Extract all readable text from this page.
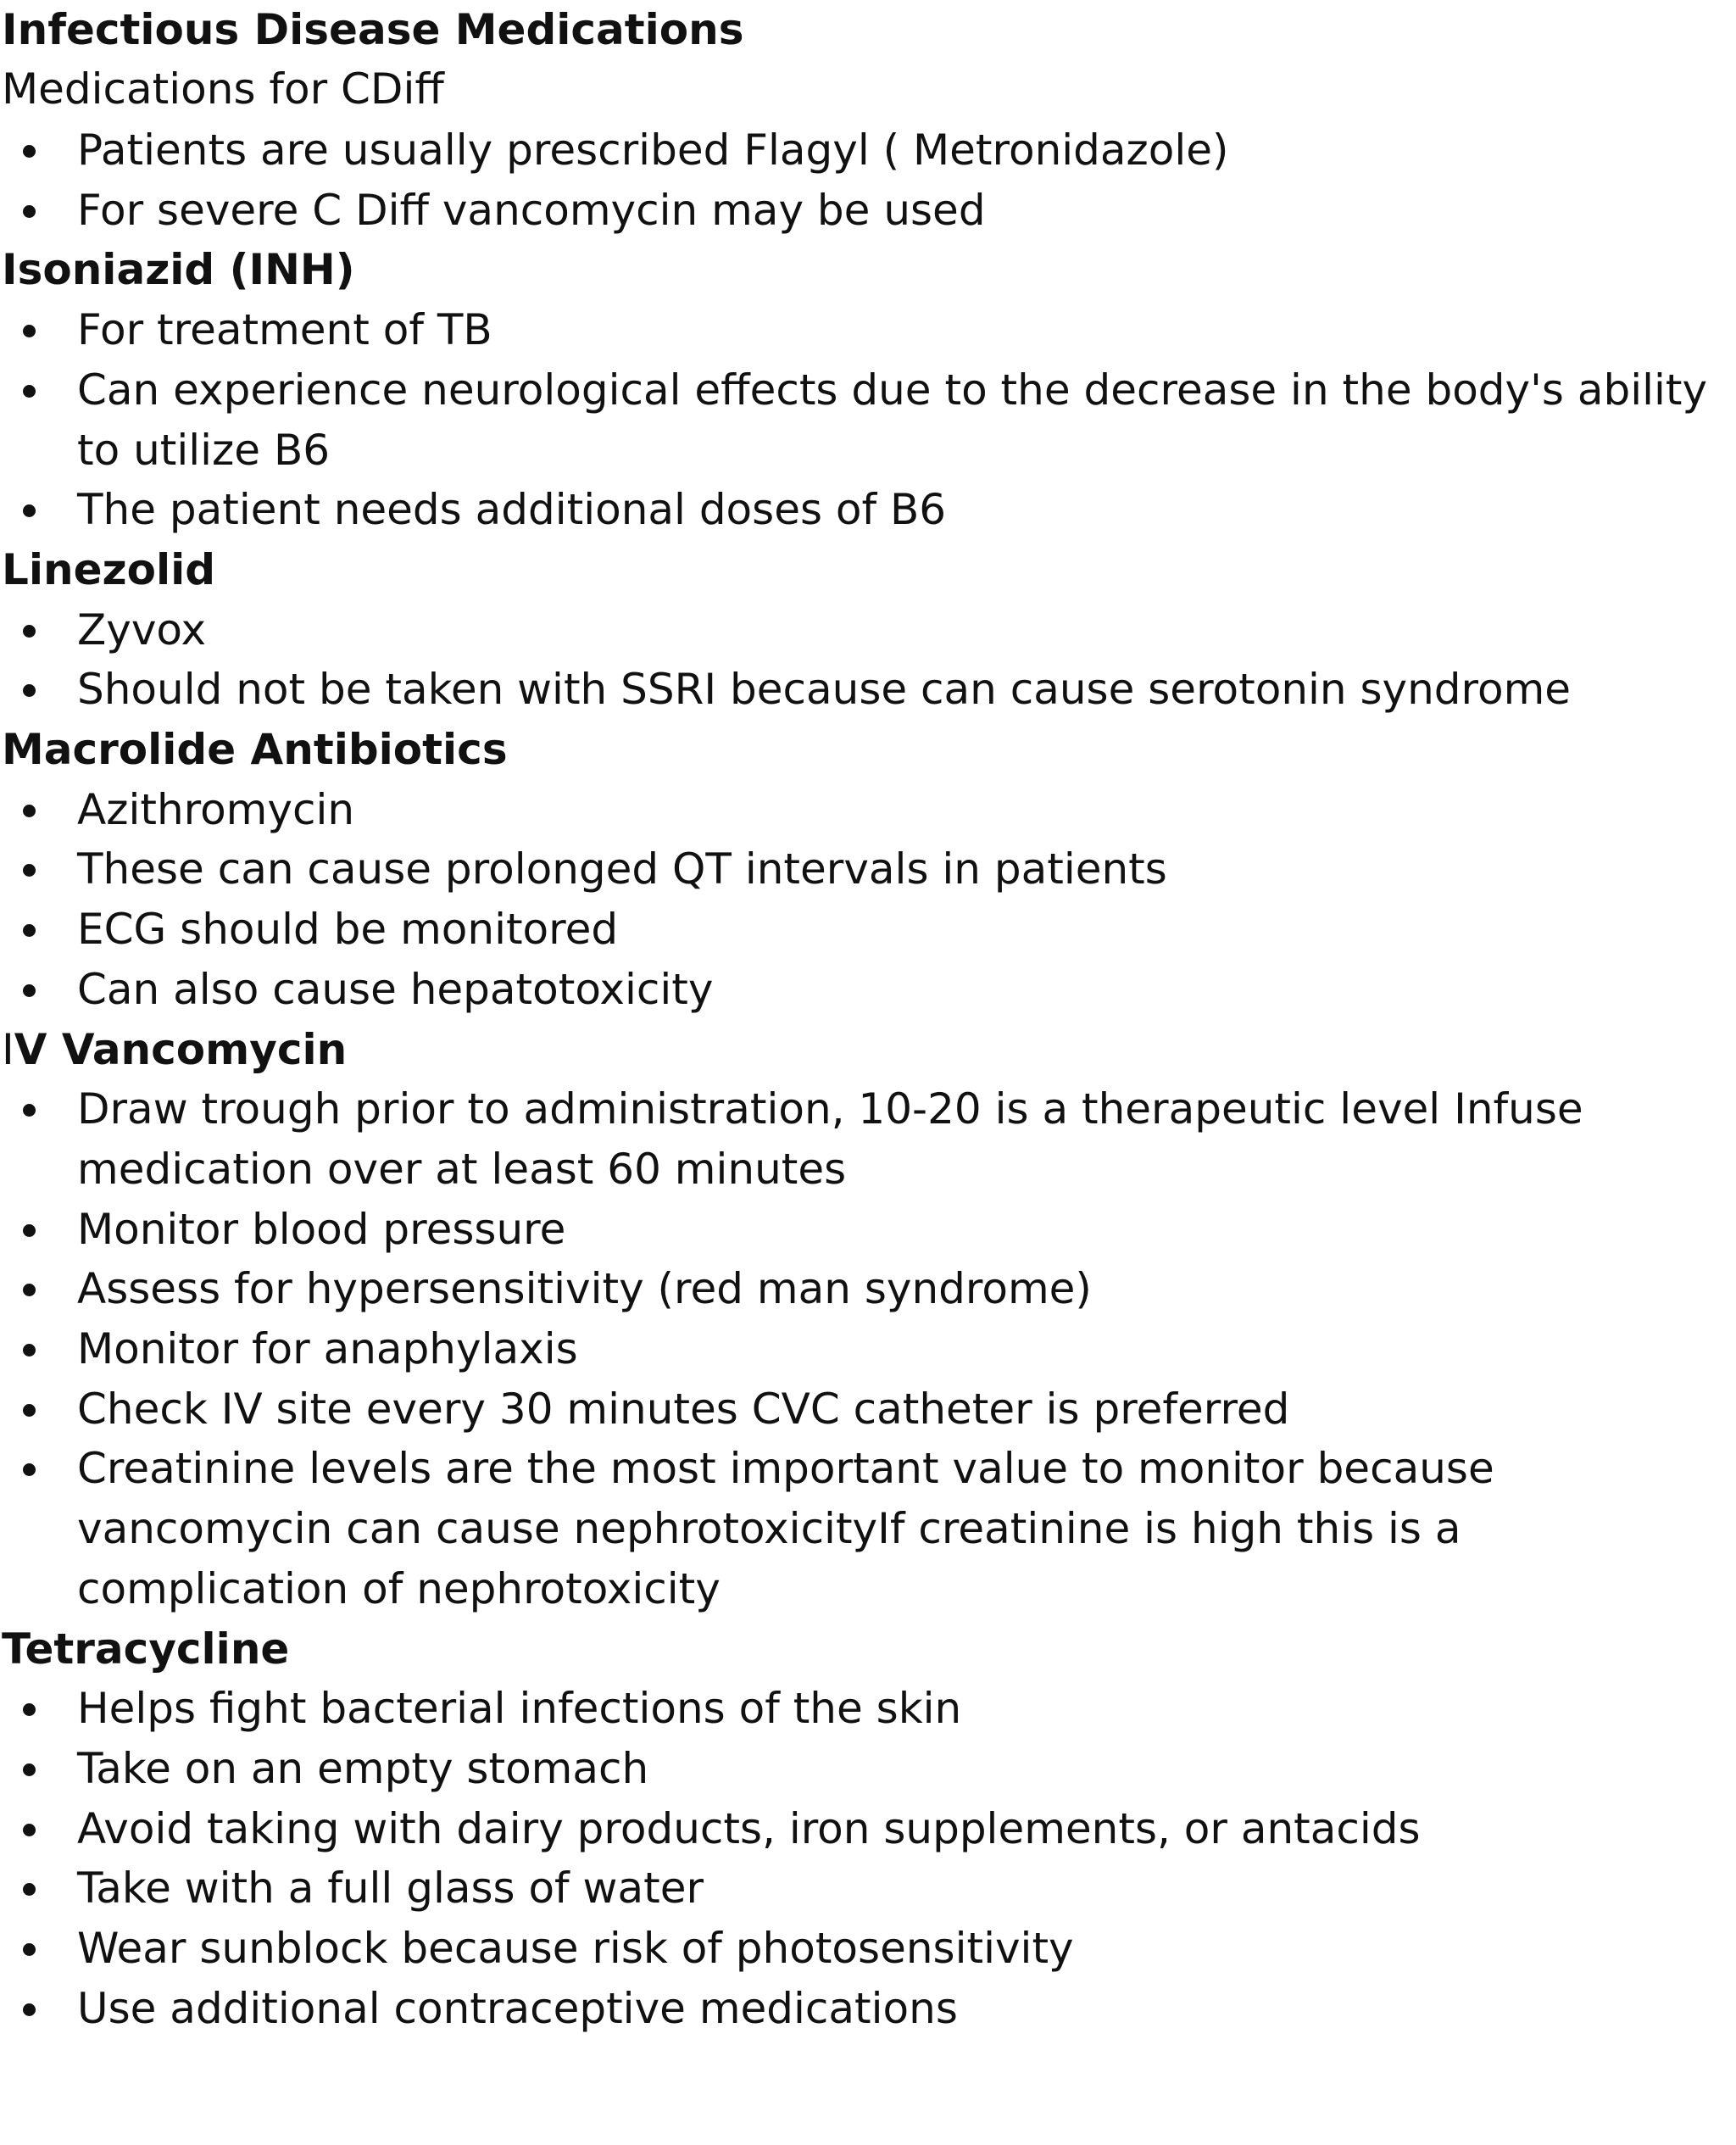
Infectious Disease Medications

Medications for CDiff

Patients are usually prescribed Flagyl ( Metronidazole)
For severe C Diff vancomycin may be used
Isoniazid (INH)
For treatment of TB
Can experience neurological effects due to the decrease in the body's ability to utilize B6
The patient needs additional doses of B6
Linezolid
Zyvox
Should not be taken with SSRI because can cause serotonin syndrome
Macrolide Antibiotics
Azithromycin
These can cause prolonged QT intervals in patients
ECG should be monitored
Can also cause hepatotoxicity
IV Vancomycin
Draw trough prior to administration, 10-20 is a therapeutic level Infuse medication over at least 60 minutes
Monitor blood pressure
Assess for hypersensitivity (red man syndrome)
Monitor for anaphylaxis
Check IV site every 30 minutes CVC catheter is preferred
Creatinine levels are the most important value to monitor because vancomycin can cause nephrotoxicityIf creatinine is high this is a complication of nephrotoxicity
Tetracycline
Helps fight bacterial infections of the skin
Take on an empty stomach
Avoid taking with dairy products, iron supplements, or antacids
Take with a full glass of water
Wear sunblock because risk of photosensitivity
Use additional contraceptive medications
